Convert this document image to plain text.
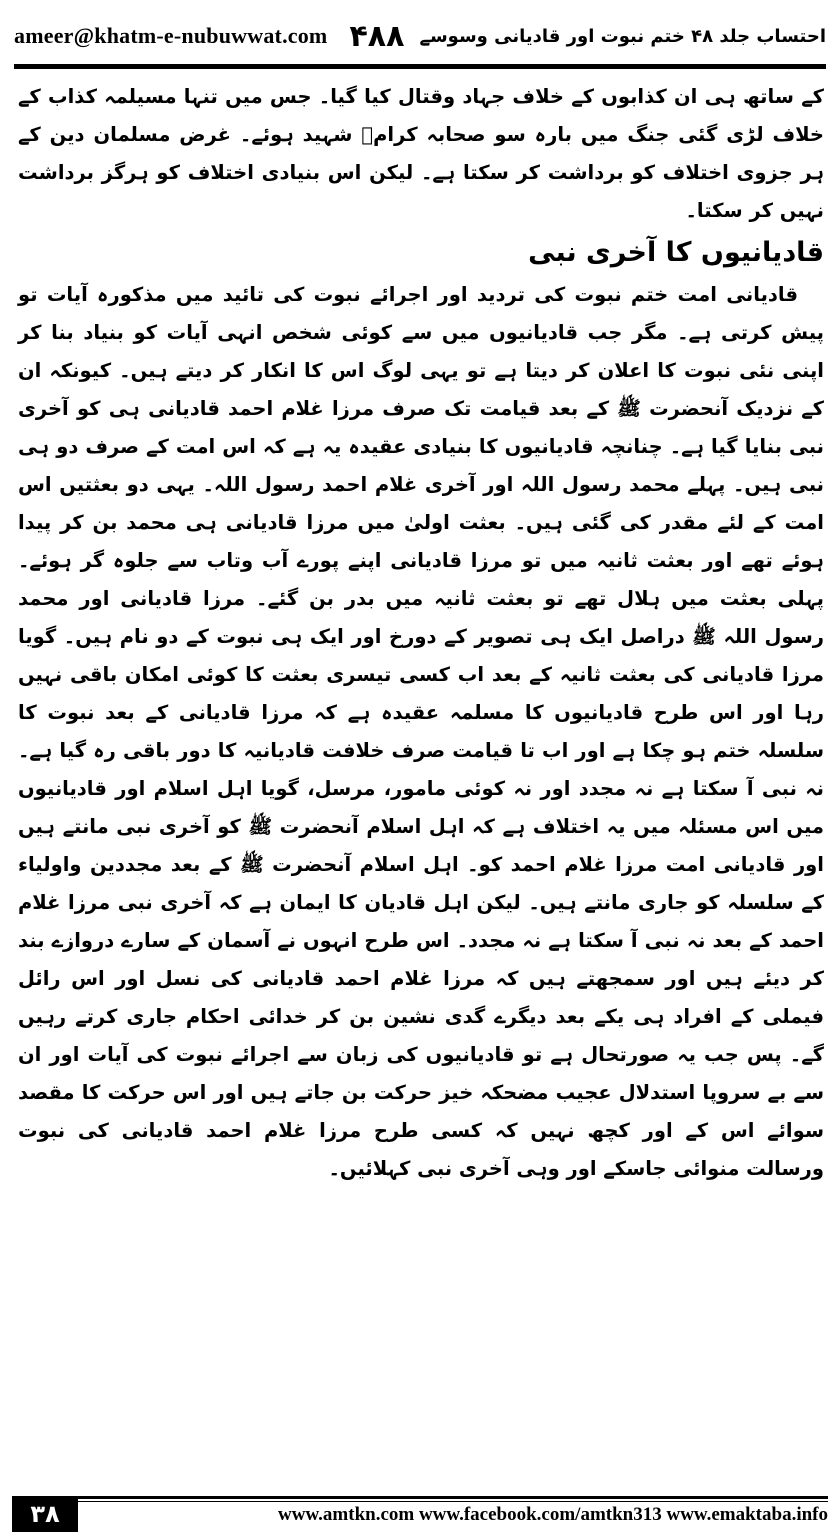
ameer@khatm-e-nubuwwat.com ۴۸۸ احتساب جلد ۴۸ ختم نبوت اور قادیانی وسوسے

کے ساتھ ہی ان کذابوں کے خلاف جہاد وقتال کیا گیا۔ جس میں تنہا مسیلمہ کذاب کے خلاف لڑی گئی جنگ میں بارہ سو صحابہ کرامؓ شہید ہوئے۔ غرض مسلمان دین کے ہر جزوی اختلاف کو برداشت کر سکتا ہے۔ لیکن اس بنیادی اختلاف کو ہرگز برداشت نہیں کر سکتا۔

قادیانیوں کا آخری نبی

قادیانی امت ختم نبوت کی تردید اور اجرائے نبوت کی تائید میں مذکورہ آیات تو پیش کرتی ہے۔ مگر جب قادیانیوں میں سے کوئی شخص انہی آیات کو بنیاد بنا کر اپنی نئی نبوت کا اعلان کر دیتا ہے تو یہی لوگ اس کا انکار کر دیتے ہیں۔ کیونکہ ان کے نزدیک آنحضرت ﷺ کے بعد قیامت تک صرف مرزا غلام احمد قادیانی ہی کو آخری نبی بنایا گیا ہے۔ چنانچہ قادیانیوں کا بنیادی عقیدہ یہ ہے کہ اس امت کے صرف دو ہی نبی ہیں۔ پہلے محمد رسول اللہ اور آخری غلام احمد رسول اللہ۔ یہی دو بعثتیں اس امت کے لئے مقدر کی گئی ہیں۔ بعثت اولیٰ میں مرزا قادیانی ہی محمد بن کر پیدا ہوئے تھے اور بعثت ثانیہ میں تو مرزا قادیانی اپنے پورے آب وتاب سے جلوہ گر ہوئے۔ پہلی بعثت میں ہلال تھے تو بعثت ثانیہ میں بدر بن گئے۔ مرزا قادیانی اور محمد رسول اللہ ﷺ دراصل ایک ہی تصویر کے دورخ اور ایک ہی نبوت کے دو نام ہیں۔ گویا مرزا قادیانی کی بعثت ثانیہ کے بعد اب کسی تیسری بعثت کا کوئی امکان باقی نہیں رہا اور اس طرح قادیانیوں کا مسلمہ عقیدہ ہے کہ مرزا قادیانی کے بعد نبوت کا سلسلہ ختم ہو چکا ہے اور اب تا قیامت صرف خلافت قادیانیہ کا دور باقی رہ گیا ہے۔ نہ نبی آ سکتا ہے نہ مجدد اور نہ کوئی مامور، مرسل، گویا اہل اسلام اور قادیانیوں میں اس مسئلہ میں یہ اختلاف ہے کہ اہل اسلام آنحضرت ﷺ کو آخری نبی مانتے ہیں اور قادیانی امت مرزا غلام احمد کو۔ اہل اسلام آنحضرت ﷺ کے بعد مجددین واولیاء کے سلسلہ کو جاری مانتے ہیں۔ لیکن اہل قادیان کا ایمان ہے کہ آخری نبی مرزا غلام احمد کے بعد نہ نبی آ سکتا ہے نہ مجدد۔ اس طرح انہوں نے آسمان کے سارے دروازے بند کر دیئے ہیں اور سمجھتے ہیں کہ مرزا غلام احمد قادیانی کی نسل اور اس رائل فیملی کے افراد ہی یکے بعد دیگرے گدی نشین بن کر خدائی احکام جاری کرتے رہیں گے۔ پس جب یہ صورتحال ہے تو قادیانیوں کی زبان سے اجرائے نبوت کی آیات اور ان سے بے سروپا استدلال عجیب مضحکہ خیز حرکت بن جاتے ہیں اور اس حرکت کا مقصد سوائے اس کے اور کچھ نہیں کہ کسی طرح مرزا غلام احمد قادیانی کی نبوت ورسالت منوائی جاسکے اور وہی آخری نبی کہلائیں۔

۳۸	www.amtkn.com www.facebook.com/amtkn313 www.emaktaba.info
